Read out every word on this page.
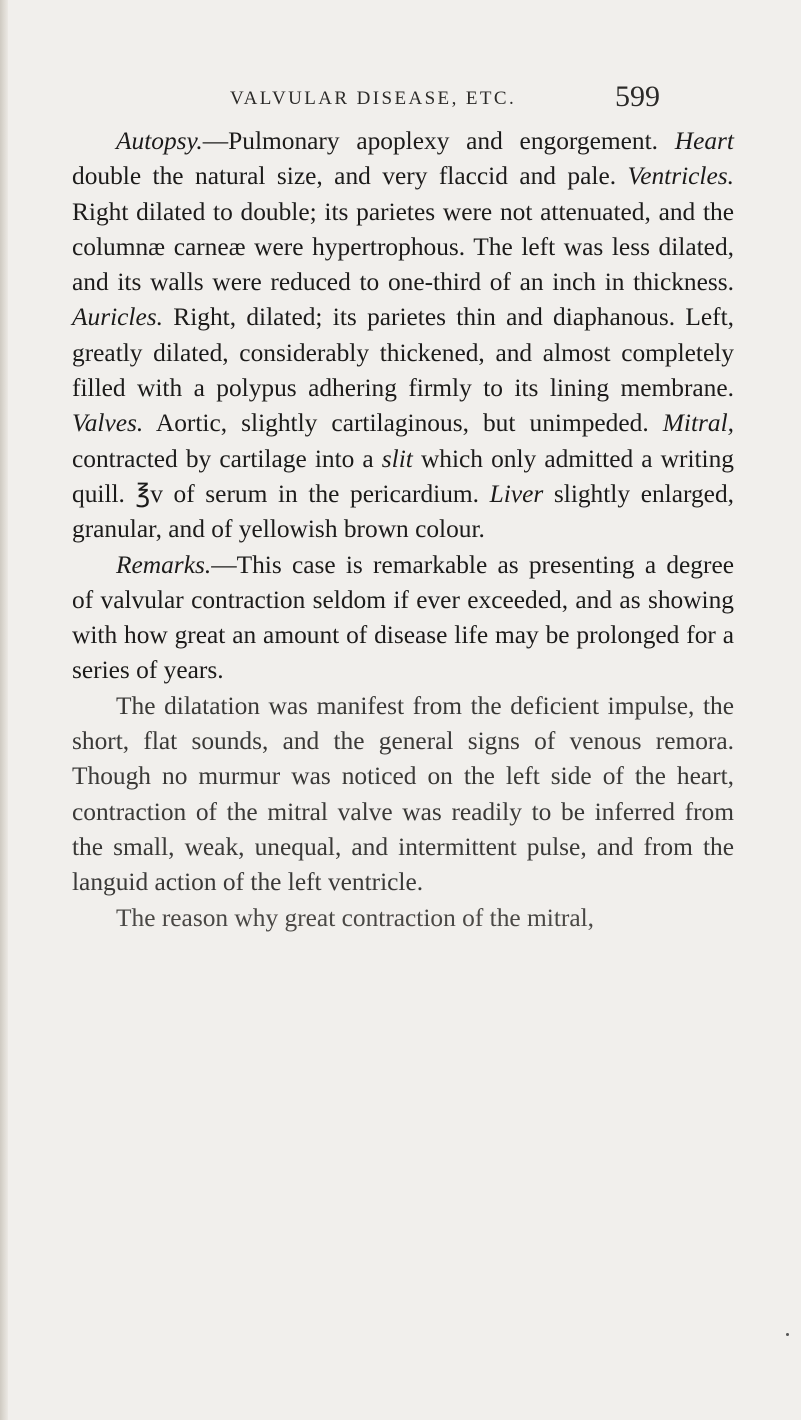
VALVULAR DISEASE, ETC.	599

Autopsy.—Pulmonary apoplexy and engorgement. Heart double the natural size, and very flaccid and pale. Ventricles. Right dilated to double; its parietes were not attenuated, and the columnæ carneæ were hypertrophous. The left was less dilated, and its walls were reduced to one-third of an inch in thickness. Auricles. Right, dilated; its parietes thin and diaphanous. Left, greatly dilated, considerably thickened, and almost completely filled with a polypus adhering firmly to its lining membrane. Valves. Aortic, slightly cartilaginous, but unimpeded. Mitral, contracted by cartilage into a slit which only admitted a writing quill. ℥v of serum in the pericardium. Liver slightly enlarged, granular, and of yellowish brown colour.

Remarks.—This case is remarkable as presenting a degree of valvular contraction seldom if ever exceeded, and as showing with how great an amount of disease life may be prolonged for a series of years.

The dilatation was manifest from the deficient impulse, the short, flat sounds, and the general signs of venous remora. Though no murmur was noticed on the left side of the heart, contraction of the mitral valve was readily to be inferred from the small, weak, unequal, and intermittent pulse, and from the languid action of the left ventricle.

The reason why great contraction of the mitral,
